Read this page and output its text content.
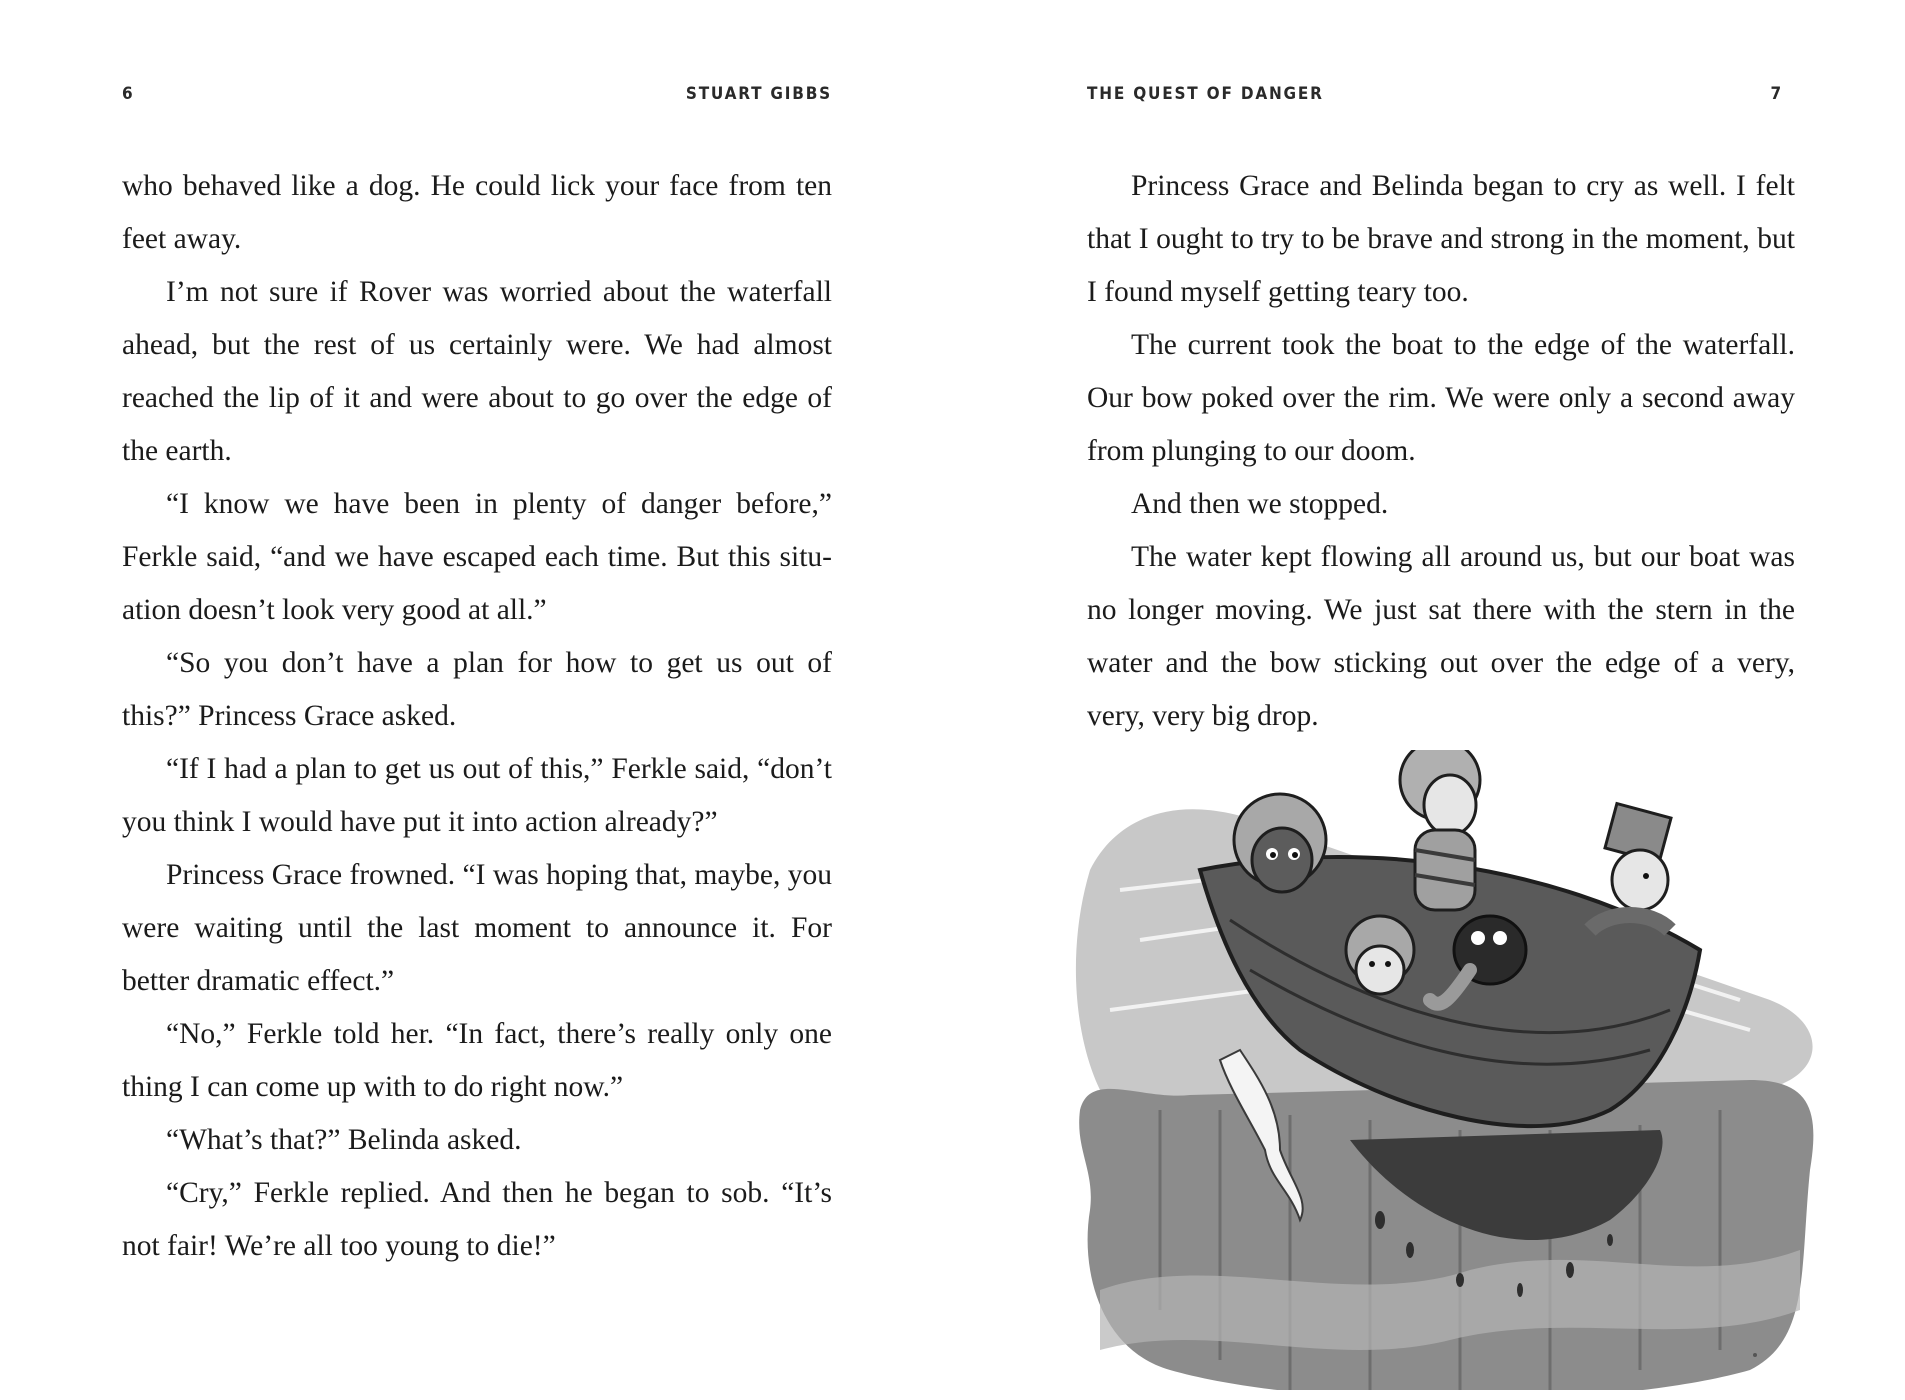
6	STUART GIBBS

who behaved like a dog. He could lick your face from ten feet away.

I’m not sure if Rover was worried about the waterfall ahead, but the rest of us certainly were. We had almost reached the lip of it and were about to go over the edge of the earth.

“I know we have been in plenty of danger before,” Ferkle said, “and we have escaped each time. But this situ- ation doesn’t look very good at all.”

“So you don’t have a plan for how to get us out of this?” Princess Grace asked.

“If I had a plan to get us out of this,” Ferkle said, “don’t you think I would have put it into action already?”

Princess Grace frowned. “I was hoping that, maybe, you were waiting until the last moment to announce it. For better dramatic effect.”

“No,” Ferkle told her. “In fact, there’s really only one thing I can come up with to do right now.”

“What’s that?” Belinda asked.

“Cry,” Ferkle replied. And then he began to sob. “It’s not fair! We’re all too young to die!”

THE QUEST OF DANGER	7

Princess Grace and Belinda began to cry as well. I felt that I ought to try to be brave and strong in the moment, but I found myself getting teary too.

The current took the boat to the edge of the waterfall. Our bow poked over the rim. We were only a second away from plunging to our doom.

And then we stopped.

The water kept flowing all around us, but our boat was no longer moving. We just sat there with the stern in the water and the bow sticking out over the edge of a very, very, very big drop.
